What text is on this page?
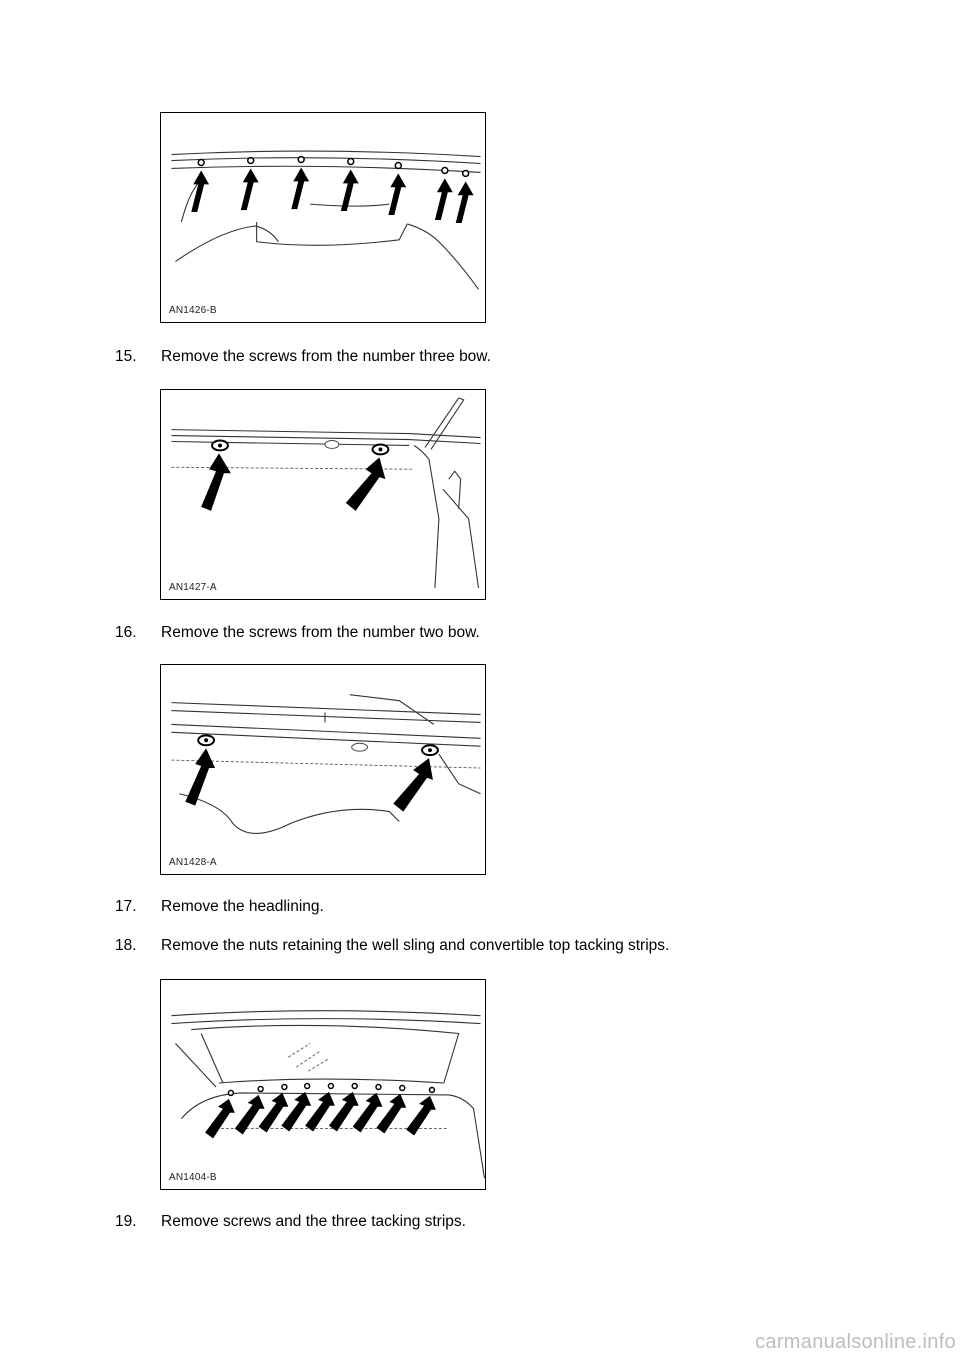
AN1426-B
15. Remove the screws from the number three bow.
AN1427-A
16. Remove the screws from the number two bow.
AN1428-A
17. Remove the headlining.
18. Remove the nuts retaining the well sling and convertible top tacking strips.
AN1404-B
19. Remove screws and the three tacking strips.
carmanualsonline.info
